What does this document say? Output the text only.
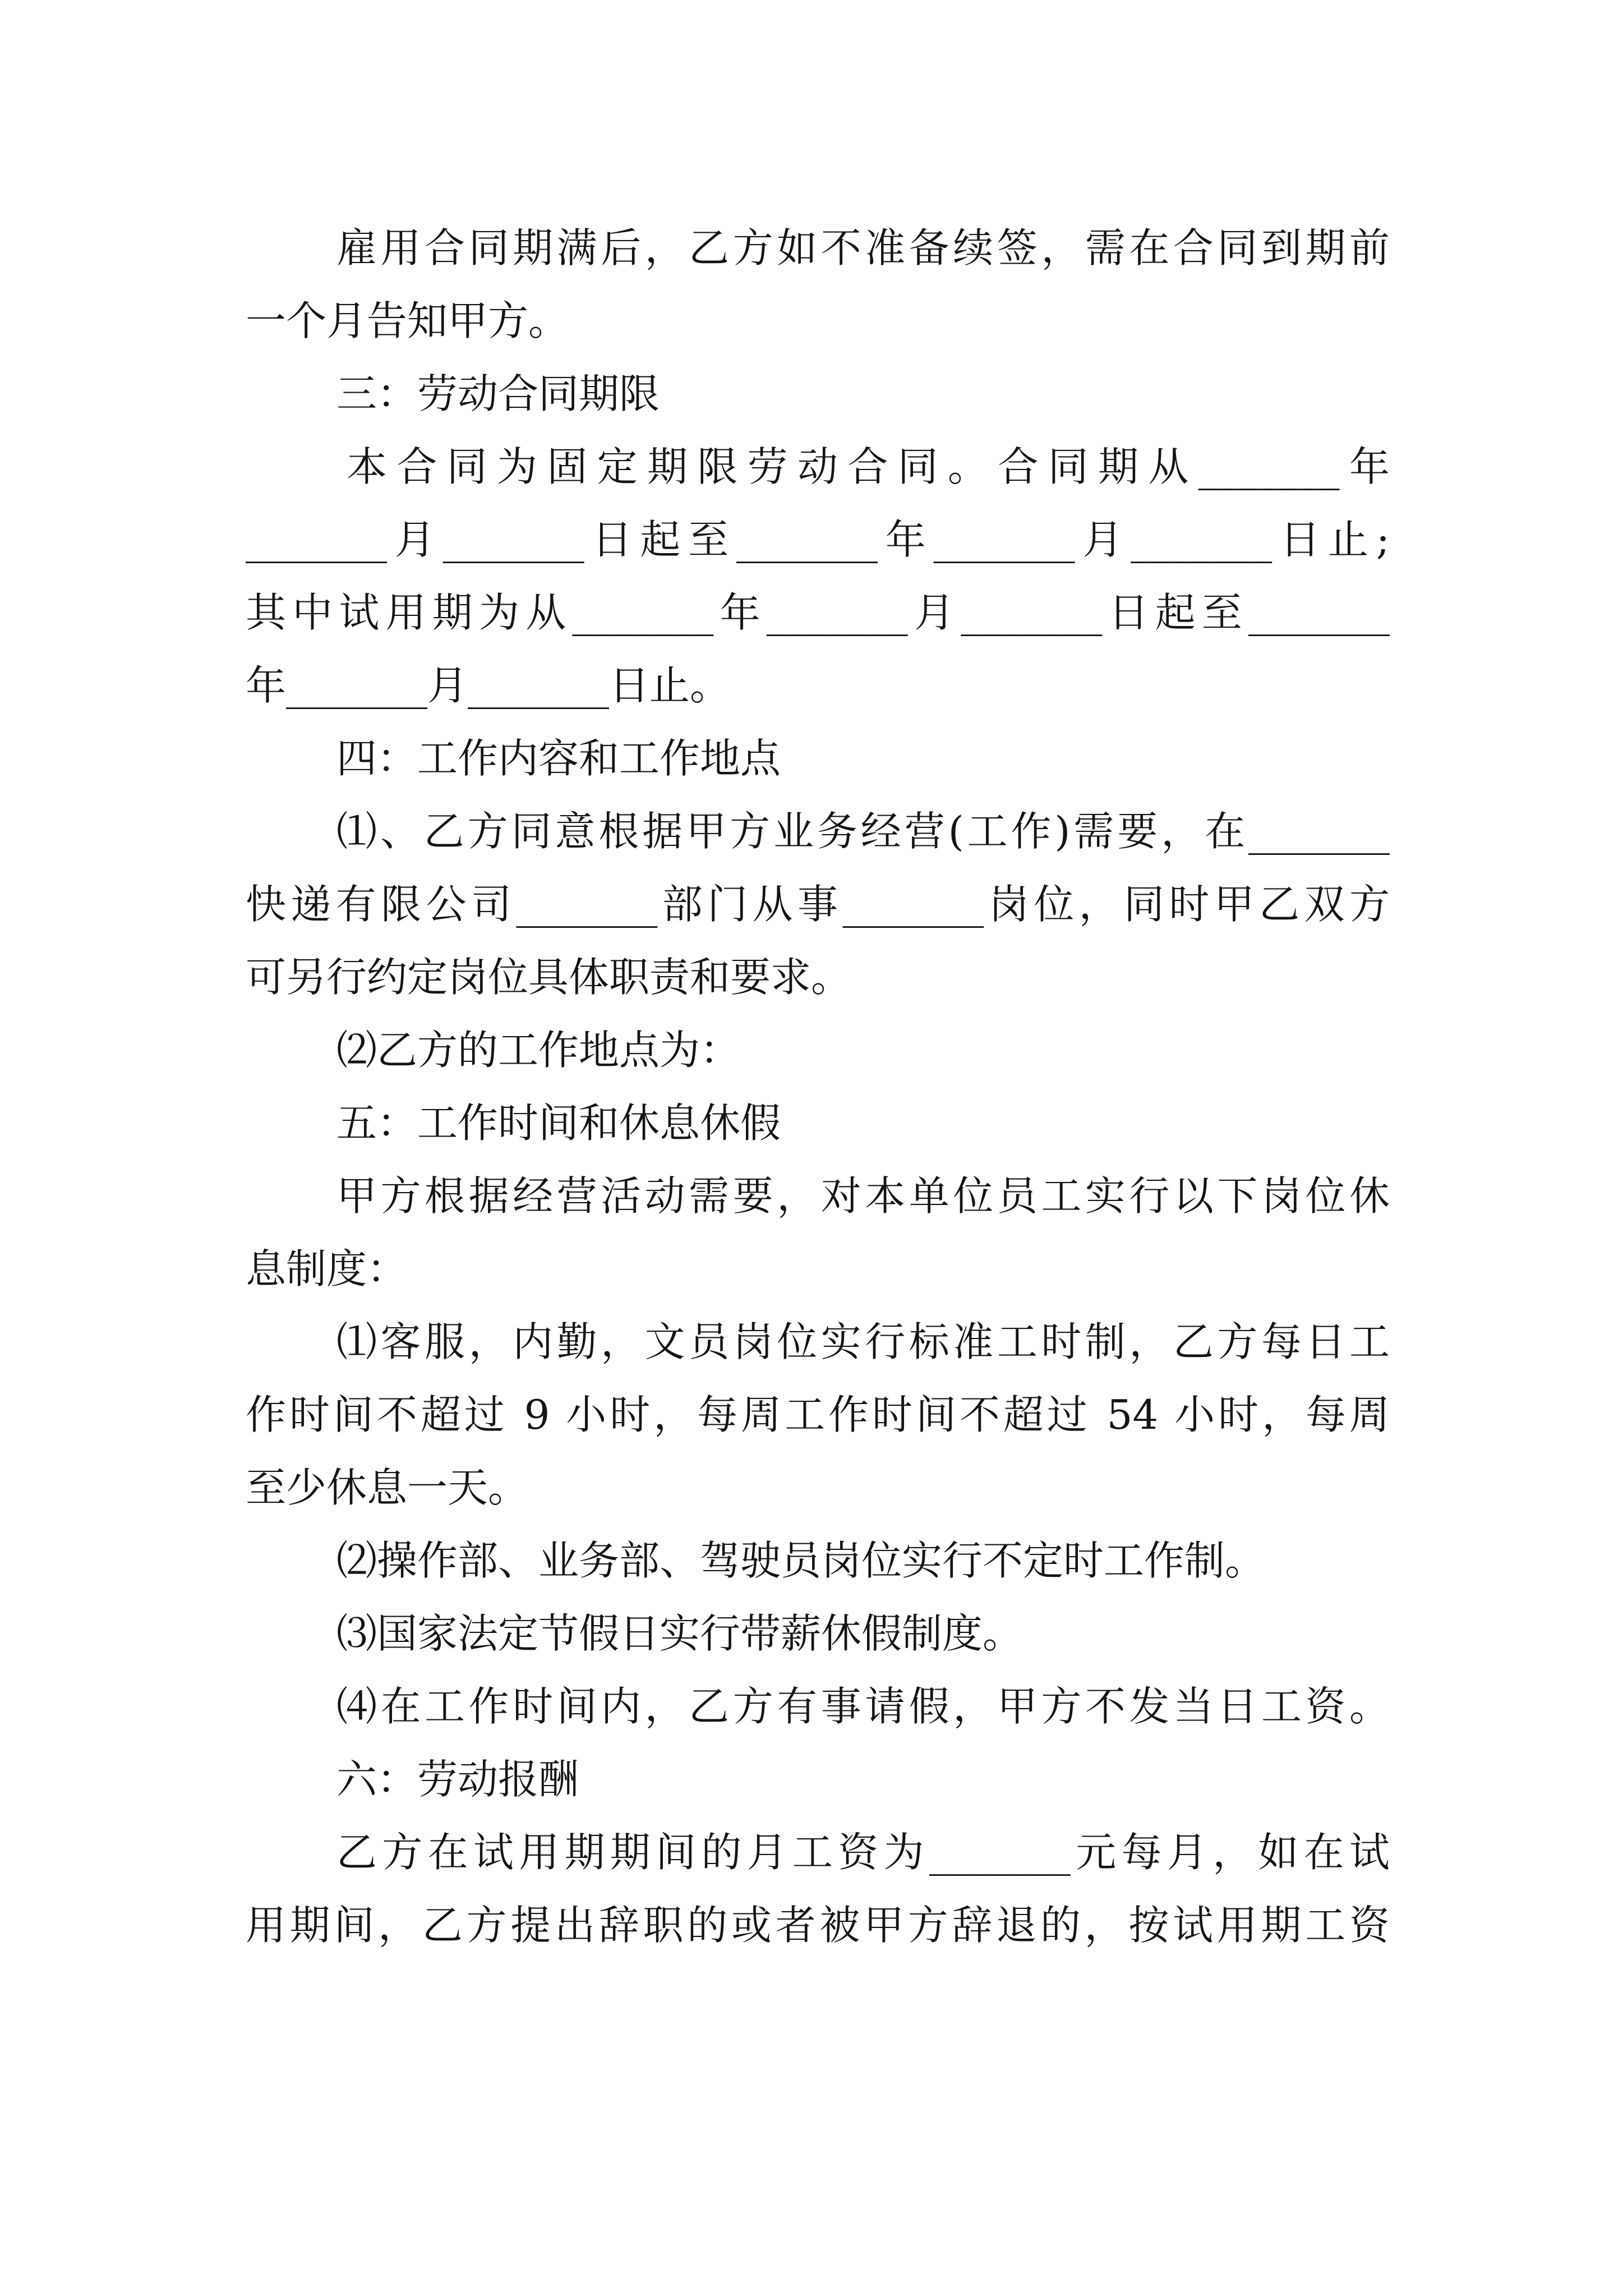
雇用合同期满后，乙方如不准备续签，需在合同到期前
一个月告知甲方。
三：劳动合同期限
本合同为固定期限劳动合同。合同期从_______年
_______月_______日起至_______年_______月_______日止;
其中试用期为从_______年_______月_______日起至_______
年_______月_______日止。
四：工作内容和工作地点
⑴、乙方同意根据甲方业务经营(工作)需要，在_______
快递有限公司_______部门从事_______岗位，同时甲乙双方
可另行约定岗位具体职责和要求。
⑵乙方的工作地点为：
五：工作时间和休息休假
甲方根据经营活动需要，对本单位员工实行以下岗位休
息制度：
⑴客服，内勤，文员岗位实行标准工时制，乙方每日工
作时间不超过 9 小时，每周工作时间不超过 54 小时，每周
至少休息一天。
⑵操作部、业务部、驾驶员岗位实行不定时工作制。
⑶国家法定节假日实行带薪休假制度。
⑷在工作时间内，乙方有事请假，甲方不发当日工资。
六：劳动报酬
乙方在试用期期间的月工资为_______元每月，如在试
用期间，乙方提出辞职的或者被甲方辞退的，按试用期工资
